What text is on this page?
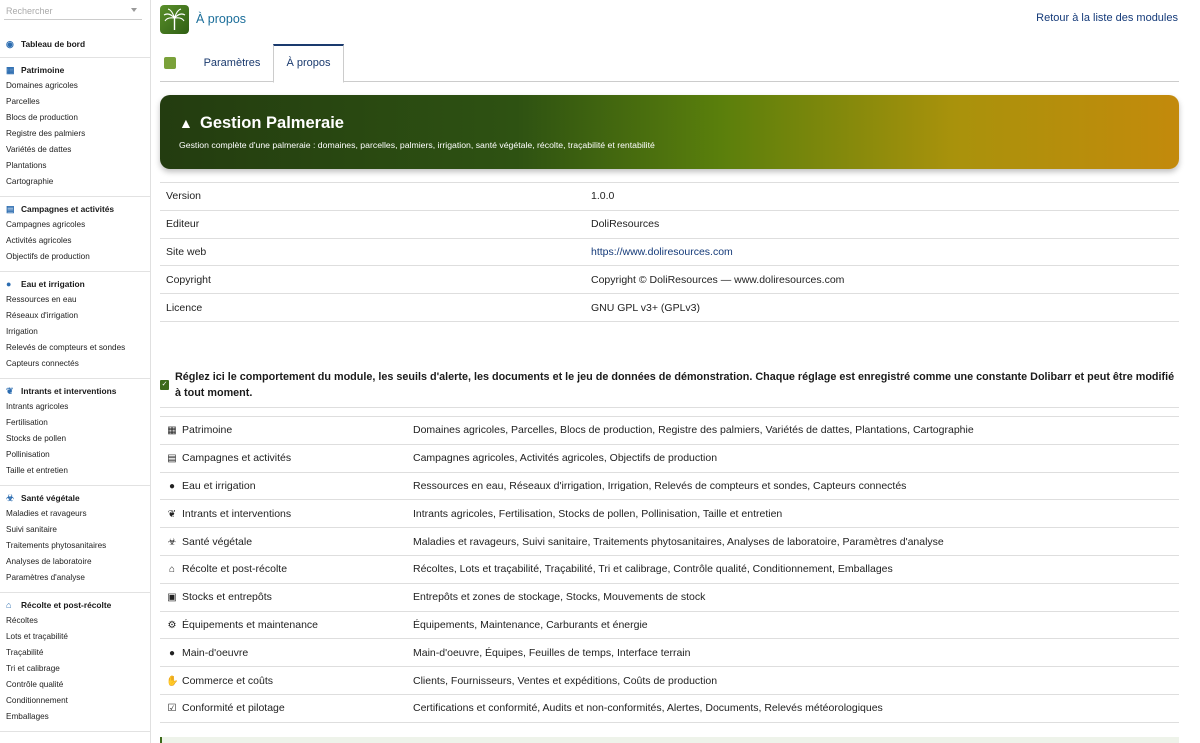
Rechercher
◉ Tableau de bord
▦ Patrimoine
Domaines agricoles
Parcelles
Blocs de production
Registre des palmiers
Variétés de dattes
Plantations
Cartographie
▤ Campagnes et activités
Campagnes agricoles
Activités agricoles
Objectifs de production
●	Eau et irrigation
Ressources en eau
Réseaux d'irrigation
Irrigation
Relevés de compteurs et sondes
Capteurs connectés
❦ Intrants et interventions
Intrants agricoles
Fertilisation
Stocks de pollen
Pollinisation
Taille et entretien
☣ Santé végétale
Maladies et ravageurs
Suivi sanitaire
Traitements phytosanitaires
Analyses de laboratoire
Paramètres d'analyse
⌂	Récolte et post-récolte
Récoltes
Lots et traçabilité
Traçabilité
Tri et calibrage
Contrôle qualité
Conditionnement
Emballages
À propos	Retour à la liste des modules
Paramètres	À propos
▲ Gestion Palmeraie
Gestion complète d'une palmeraie : domaines, parcelles, palmiers, irrigation, santé végétale, récolte, traçabilité et rentabilité
Version	1.0.0
Editeur	DoliResources
Site web	https://www.doliresources.com
Copyright	Copyright © DoliResources — www.doliresources.com
Licence	GNU GPL v3+ (GPLv3)
✓
Réglez ici le comportement du module, les seuils d'alerte, les documents et le jeu de données de démonstration. Chaque réglage est enregistré comme une constante Dolibarr et peut être modifié à tout moment.
▦ Patrimoine	Domaines agricoles, Parcelles, Blocs de production, Registre des palmiers, Variétés de dattes, Plantations, Cartographie
▤ Campagnes et activités	Campagnes agricoles, Activités agricoles, Objectifs de production
● Eau et irrigation	Ressources en eau, Réseaux d'irrigation, Irrigation, Relevés de compteurs et sondes, Capteurs connectés
❦ Intrants et interventions	Intrants agricoles, Fertilisation, Stocks de pollen, Pollinisation, Taille et entretien
☣ Santé végétale	Maladies et ravageurs, Suivi sanitaire, Traitements phytosanitaires, Analyses de laboratoire, Paramètres d'analyse
⌂ Récolte et post-récolte	Récoltes, Lots et traçabilité, Traçabilité, Tri et calibrage, Contrôle qualité, Conditionnement, Emballages
▣ Stocks et entrepôts	Entrepôts et zones de stockage, Stocks, Mouvements de stock
⚙ Équipements et maintenance	Équipements, Maintenance, Carburants et énergie
● Main-d'oeuvre	Main-d'oeuvre, Équipes, Feuilles de temps, Interface terrain
✋ Commerce et coûts	Clients, Fournisseurs, Ventes et expéditions, Coûts de production
☑ Conformité et pilotage	Certifications et conformité, Audits et non-conformités, Alertes, Documents, Relevés météorologiques
